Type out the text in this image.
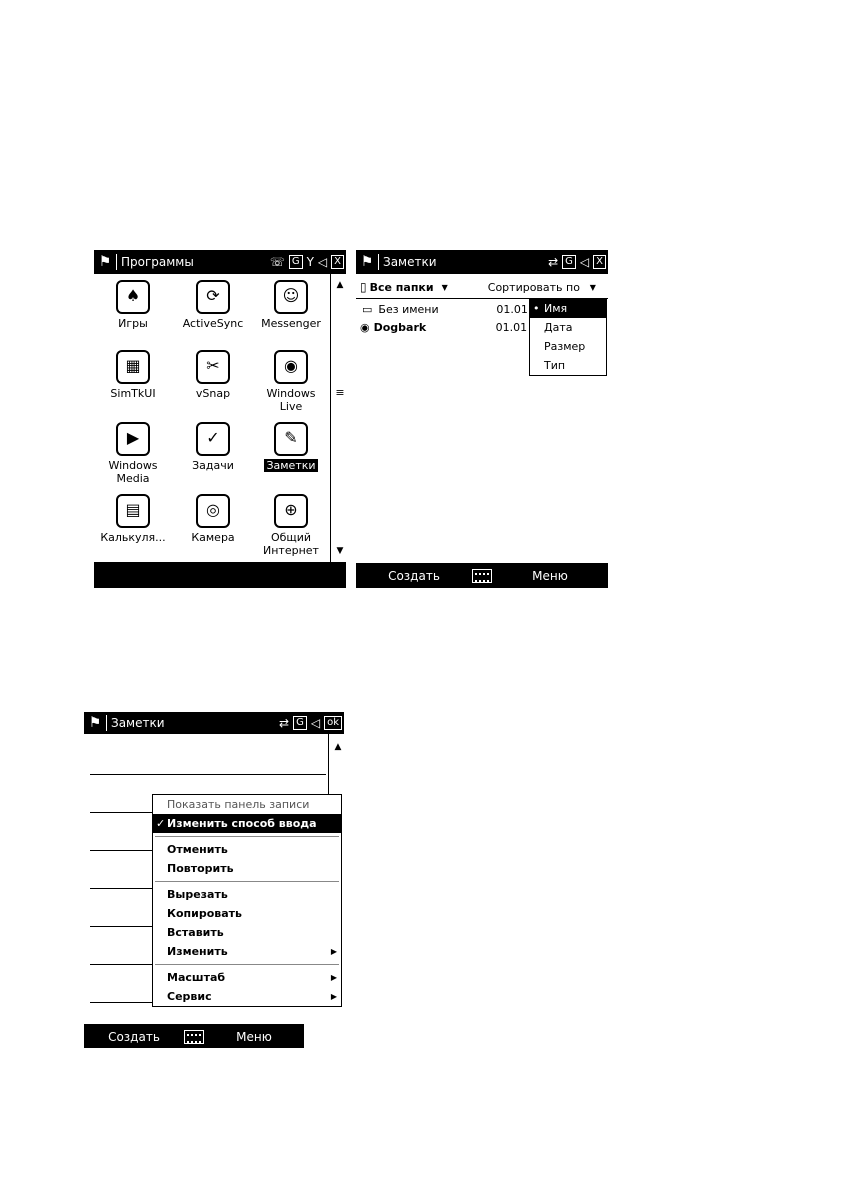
⚑ Программы	☏ G Y ◁ X
♠
Игры
⟳
ActiveSync
☺
Messenger
▦
SimTkUI
✂
vSnap
◉
Windows Live
▶
Windows Media
✓
Задачи
✎
Заметки
▤
Калькуля...
◎
Камера
⊕
Общий Интернет
▲
≡
▼
⚑ Заметки	⇄ G ◁ X
▯ Все папки	▼	Сортировать по	▼
▭ Без имени	01.01
◉ Dogbark	01.01
• Имя
Дата
Размер
Тип
Создать	Меню
⚑ Заметки	⇄ G ◁ ok
▲
Показать панель записи
✓ Изменить способ ввода
Отменить
Повторить
Вырезать
Копировать
Вставить
Изменить	▶
Масштаб	▶
Сервис	▶
Создать	Меню
